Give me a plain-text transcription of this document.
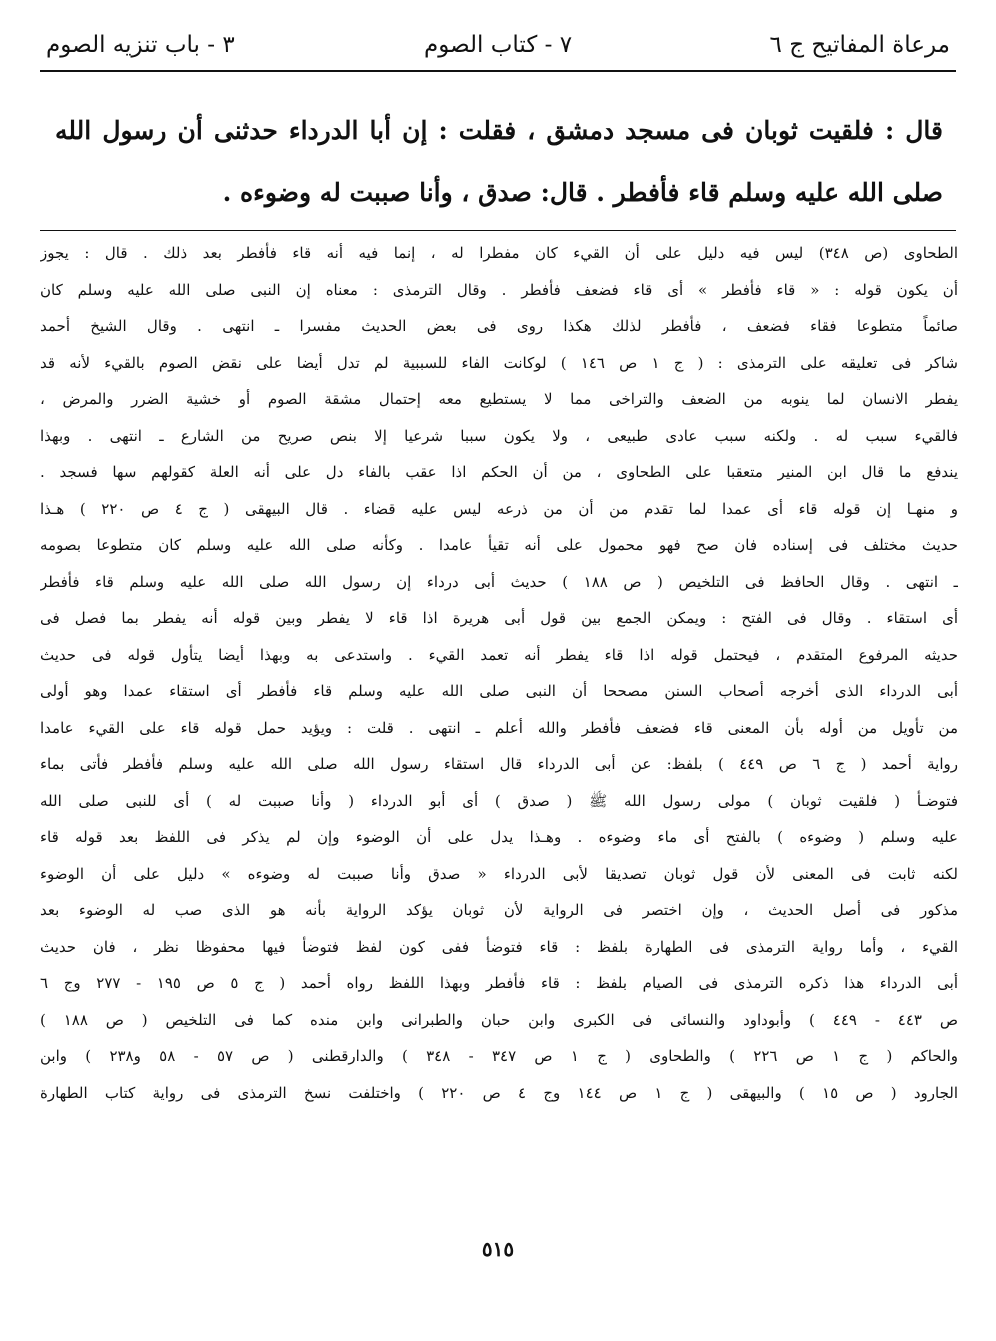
مرعاة المفاتيح ج ٦
٧ - كتاب الصوم
٣ - باب تنزيه الصوم
قال : فلقيت ثوبان فى مسجد دمشق ، فقلت : إن أبا الدرداء حدثنى أن رسول الله صلى الله عليه وسلم قاء فأفطر . قال: صدق ، وأنا صببت له وضوءه .
الطحاوى (ص ٣٤٨) ليس فيه دليل على أن القيء كان مفطرا له ، إنما فيه أنه قاء فأفطر بعد ذلك . قال : يجوز
أن يكون قوله : « قاء فأفطر » أى قاء فضعف فأفطر . وقال الترمذى : معناه إن النبى صلى الله عليه وسلم كان
صائماً متطوعا فقاء فضعف ، فأفطر لذلك هكذا روى فى بعض الحديث مفسرا ـ انتهى . وقال الشيخ أحمد
شاكر فى تعليقه على الترمذى : ( ج ١ ص ١٤٦ ) لوكانت الفاء للسببية لم تدل أيضا على نقض الصوم بالقيء لأنه قد
يفطر الانسان لما ينوبه من الضعف والتراخى مما لا يستطيع معه إحتمال مشقة الصوم أو خشية الضرر والمرض ،
فالقيء سبب له . ولكنه سبب عادى طبيعى ، ولا يكون سببا شرعيا إلا بنص صريح من الشارع ـ انتهى . وبهذا
يندفع ما قال ابن المنير متعقبا على الطحاوى ، من أن الحكم اذا عقب بالفاء دل على أنه العلة كقولهم سها فسجد .
و منهـا إن قوله قاء أى عمدا لما تقدم من أن من ذرعه ليس عليه قضاء . قال البيهقى ( ج ٤ ص ٢٢٠ ) هـذا
حديث مختلف فى إسناده فان صح فهو محمول على أنه تقيأ عامدا . وكأنه صلى الله عليه وسلم كان متطوعا بصومه
ـ انتهى . وقال الحافظ فى التلخيص ( ص ١٨٨ ) حديث أبى درداء إن رسول الله صلى الله عليه وسلم قاء فأفطر
أى استقاء . وقال فى الفتح : ويمكن الجمع بين قول أبى هريرة اذا قاء لا يفطر وبين قوله أنه يفطر بما فصل فى
حديثه المرفوع المتقدم ، فيحتمل قوله اذا قاء يفطر أنه تعمد القيء . واستدعى به وبهذا أيضا يتأول قوله فى حديث
أبى الدرداء الذى أخرجه أصحاب السنن مصححا أن النبى صلى الله عليه وسلم قاء فأفطر أى استقاء عمدا وهو أولى
من تأويل من أوله بأن المعنى قاء فضعف فأفطر والله أعلم ـ انتهى . قلت : ويؤيد حمل قوله قاء على القيء عامدا
رواية أحمد ( ج ٦ ص ٤٤٩ ) بلفظ: عن أبى الدرداء قال استقاء رسول الله صلى الله عليه وسلم فأفطر فأتى بماء
فتوضـأ ( فلقيت ثوبان ) مولى رسول الله ﷺ ( صدق ) أى أبو الدرداء ( وأنا صببت له ) أى للنبى صلى الله
عليه وسلم ( وضوءه ) بالفتح أى ماء وضوءه . وهـذا يدل على أن الوضوء وإن لم يذكر فى اللفظ بعد قوله قاء
لكنه ثابت فى المعنى لأن قول ثوبان تصديقا لأبى الدرداء « صدق وأنا صببت له وضوءه » دليل على أن الوضوء
مذكور فى أصل الحديث ، وإن اختصر فى الرواية لأن ثوبان يؤكد الرواية بأنه هو الذى صب له الوضوء بعد
القيء ، وأما رواية الترمذى فى الطهارة بلفظ : قاء فتوضأ ففى كون لفظ فتوضأ فيها محفوظا نظر ، فان حديث
أبى الدرداء هذا ذكره الترمذى فى الصيام بلفظ : قاء فأفطر وبهذا اللفظ رواه أحمد ( ج ٥ ص ١٩٥ - ٢٧٧ وج ٦
ص ٤٤٣ - ٤٤٩ ) وأبوداود والنسائى فى الكبرى وابن حبان والطبرانى وابن منده كما فى التلخيص ( ص ١٨٨ )
والحاكم ( ج ١ ص ٢٢٦ ) والطحاوى ( ج ١ ص ٣٤٧ - ٣٤٨ ) والدارقطنى ( ص ٥٧ - ٥٨ و٢٣٨ ) وابن
الجارود ( ص ١٥ ) والبيهقى ( ج ١ ص ١٤٤ وج ٤ ص ٢٢٠ ) واختلفت نسخ الترمذى فى رواية كتاب الطهارة
٥١٥
